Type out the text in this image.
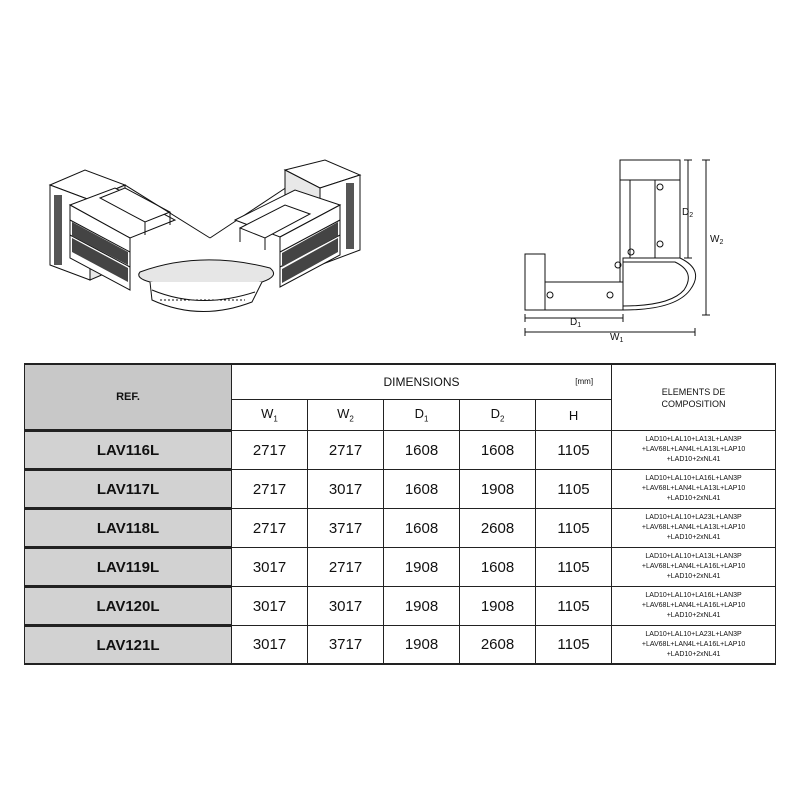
$D_1$
$W_1$
$D_2$
$W_2$
REF.	DIMENSIONS [mm]					ELEMENTS DE
COMPOSITION
	$W_1$	$W_2$	$D_1$	$D_2$	H	
LAV116L	2717	2717	1608	1608	1105	LAD10+LAL10+LA13L+LAN3P
+LAV68L+LAN4L+LA13L+LAP10
+LAD10+2xNL41

LAV117L	2717	3017	1608	1908	1105	LAD10+LAL10+LA16L+LAN3P
+LAV68L+LAN4L+LA13L+LAP10
+LAD10+2xNL41

LAV118L	2717	3717	1608	2608	1105	LAD10+LAL10+LA23L+LAN3P
+LAV68L+LAN4L+LA13L+LAP10
+LAD10+2xNL41

LAV119L	3017	2717	1908	1608	1105	LAD10+LAL10+LA13L+LAN3P
+LAV68L+LAN4L+LA16L+LAP10
+LAD10+2xNL41

LAV120L	3017	3017	1908	1908	1105	LAD10+LAL10+LA16L+LAN3P
+LAV68L+LAN4L+LA16L+LAP10
+LAD10+2xNL41

LAV121L	3017	3717	1908	2608	1105	LAD10+LAL10+LA23L+LAN3P
+LAV68L+LAN4L+LA16L+LAP10
+LAD10+2xNL41
